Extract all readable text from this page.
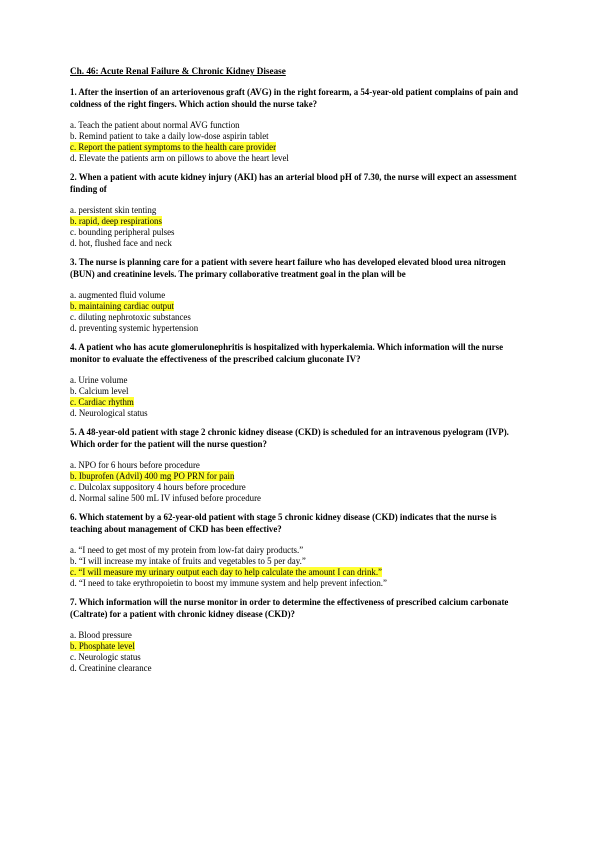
Ch. 46: Acute Renal Failure & Chronic Kidney Disease
1. After the insertion of an arteriovenous graft (AVG) in the right forearm, a 54-year-old patient complains of pain and coldness of the right fingers. Which action should the nurse take?
a. Teach the patient about normal AVG function
b. Remind patient to take a daily low-dose aspirin tablet
c. Report the patient symptoms to the health care provider
d. Elevate the patients arm on pillows to above the heart level
2. When a patient with acute kidney injury (AKI) has an arterial blood pH of 7.30, the nurse will expect an assessment finding of
a. persistent skin tenting
b. rapid, deep respirations
c. bounding peripheral pulses
d. hot, flushed face and neck
3. The nurse is planning care for a patient with severe heart failure who has developed elevated blood urea nitrogen (BUN) and creatinine levels. The primary collaborative treatment goal in the plan will be
a. augmented fluid volume
b. maintaining cardiac output
c. diluting nephrotoxic substances
d. preventing systemic hypertension
4. A patient who has acute glomerulonephritis is hospitalized with hyperkalemia. Which information will the nurse monitor to evaluate the effectiveness of the prescribed calcium gluconate IV?
a. Urine volume
b. Calcium level
c. Cardiac rhythm
d. Neurological status
5. A 48-year-old patient with stage 2 chronic kidney disease (CKD) is scheduled for an intravenous pyelogram (IVP). Which order for the patient will the nurse question?
a. NPO for 6 hours before procedure
b. Ibuprofen (Advil) 400 mg PO PRN for pain
c. Dulcolax suppository 4 hours before procedure
d. Normal saline 500 mL IV infused before procedure
6. Which statement by a 62-year-old patient with stage 5 chronic kidney disease (CKD) indicates that the nurse is teaching about management of CKD has been effective?
a. “I need to get most of my protein from low-fat dairy products.”
b. “I will increase my intake of fruits and vegetables to 5 per day.”
c. “I will measure my urinary output each day to help calculate the amount I can drink.”
d. “I need to take erythropoietin to boost my immune system and help prevent infection.”
7. Which information will the nurse monitor in order to determine the effectiveness of prescribed calcium carbonate (Caltrate) for a patient with chronic kidney disease (CKD)?
a. Blood pressure
b. Phosphate level
c. Neurologic status
d. Creatinine clearance
